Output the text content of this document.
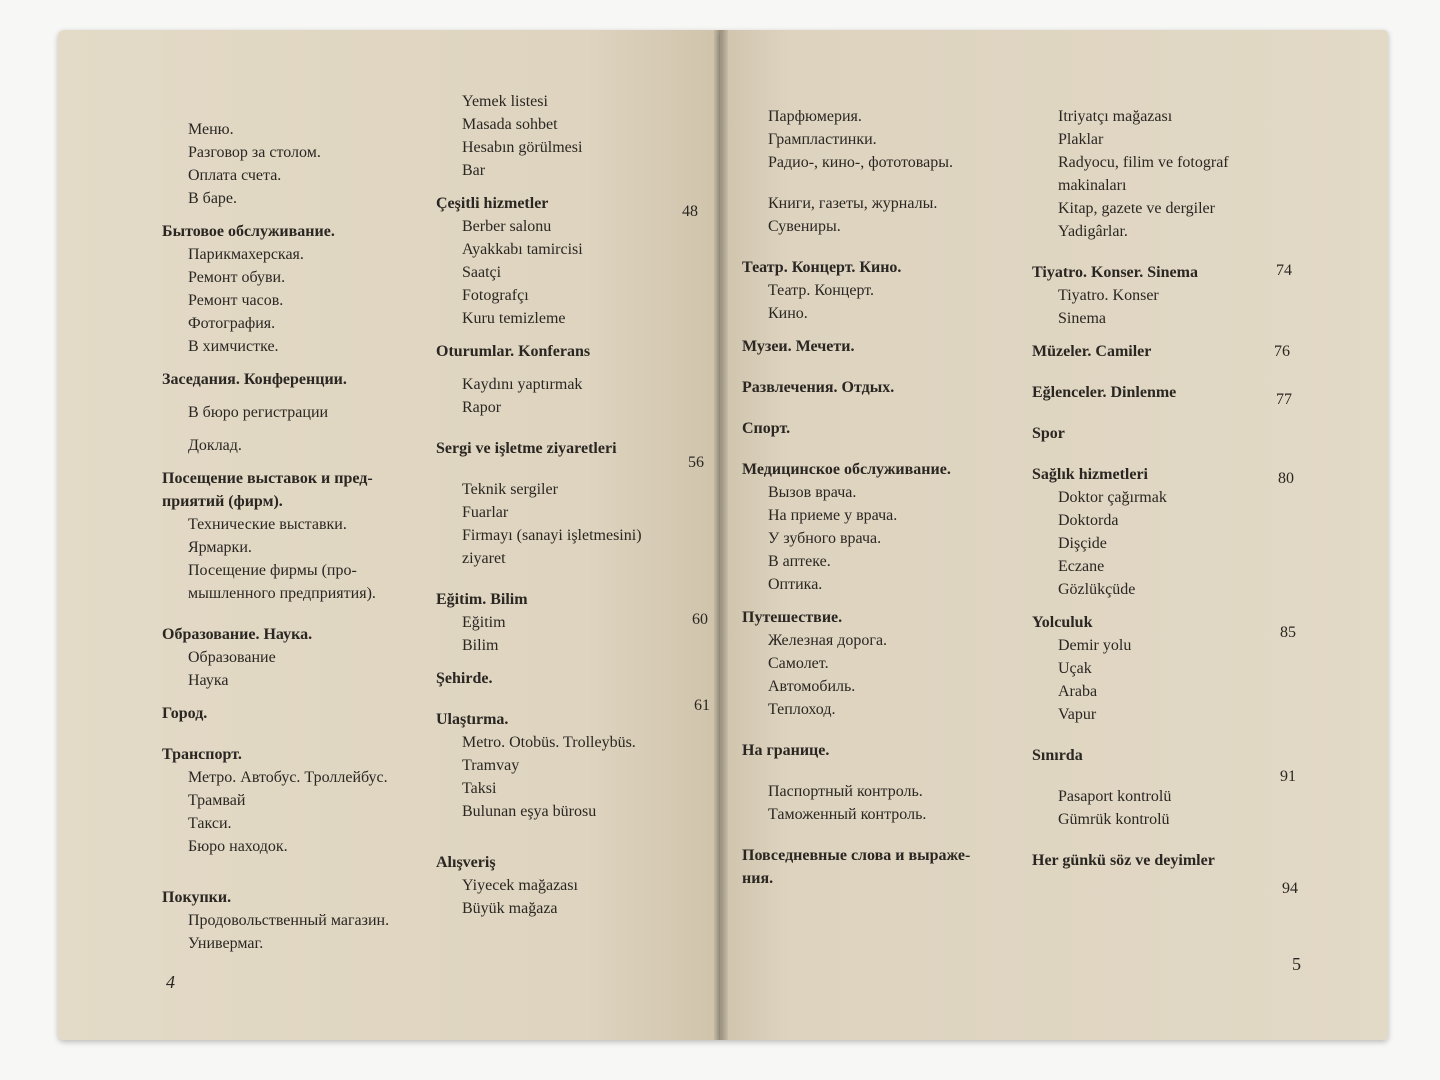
Меню.
Разговор за столом.
Оплата счета.
В баре.
Бытовое обслуживание.
Парикмахерская.
Ремонт обуви.
Ремонт часов.
Фотография.
В химчистке.
Заседания. Конференции.
В бюро регистрации
Доклад.
Посещение выставок и пред-
приятий (фирм).
Технические выставки.
Ярмарки.
Посещение фирмы (про-
мышленного предприятия).
Образование. Наука.
Образование
Наука
Город.
Транспорт.
Метро. Автобус. Троллейбус.
Трамвай
Такси.
Бюро находок.
Покупки.
Продовольственный магазин.
Универмаг.
Yemek listesi
Masada sohbet
Hesabın görülmesi
Bar
Çeşitli hizmetler
Berber salonu
Ayakkabı tamircisi
Saatçi
Fotografçı
Kuru temizleme
Oturumlar. Konferans
Kaydını yaptırmak
Rapor
Sergi ve işletme ziyaretleri
Teknik sergiler
Fuarlar
Firmayı (sanayi işletmesini)
ziyaret
Eğitim. Bilim
Eğitim
Bilim
Şehirde.
Ulaştırma.
Metro. Otobüs. Trolleybüs.
Tramvay
Taksi
Bulunan eşya bürosu
Alışveriş
Yiyecek mağazası
Büyük mağaza
48
56
60
61
4
Парфюмерия.
Грампластинки.
Радио-, кино-, фототовары.
Книги, газеты, журналы.
Сувениры.
Театр. Концерт. Кино.
Театр. Концерт.
Кино.
Музеи. Мечети.
Развлечения. Отдых.
Спорт.
Медицинское обслуживание.
Вызов врача.
На приеме у врача.
У зубного врача.
В аптеке.
Оптика.
Путешествие.
Железная дорога.
Самолет.
Автомобиль.
Теплоход.
На границе.
Паспортный контроль.
Таможенный контроль.
Повседневные слова и выраже-
ния.
Itriyatçı mağazası
Plaklar
Radyocu, filim ve fotograf
makinaları
Kitap, gazete ve dergiler
Yadigârlar.
Tiyatro. Konser. Sinema
Tiyatro. Konser
Sinema
Müzeler. Camiler
Eğlenceler. Dinlenme
Spor
Sağlık hizmetleri
Doktor çağırmak
Doktorda
Dişçide
Eczane
Gözlükçüde
Yolculuk
Demir yolu
Uçak
Araba
Vapur
Sınırda
Pasaport kontrolü
Gümrük kontrolü
Her günkü söz ve deyimler
74
76
77
80
85
91
94
5
